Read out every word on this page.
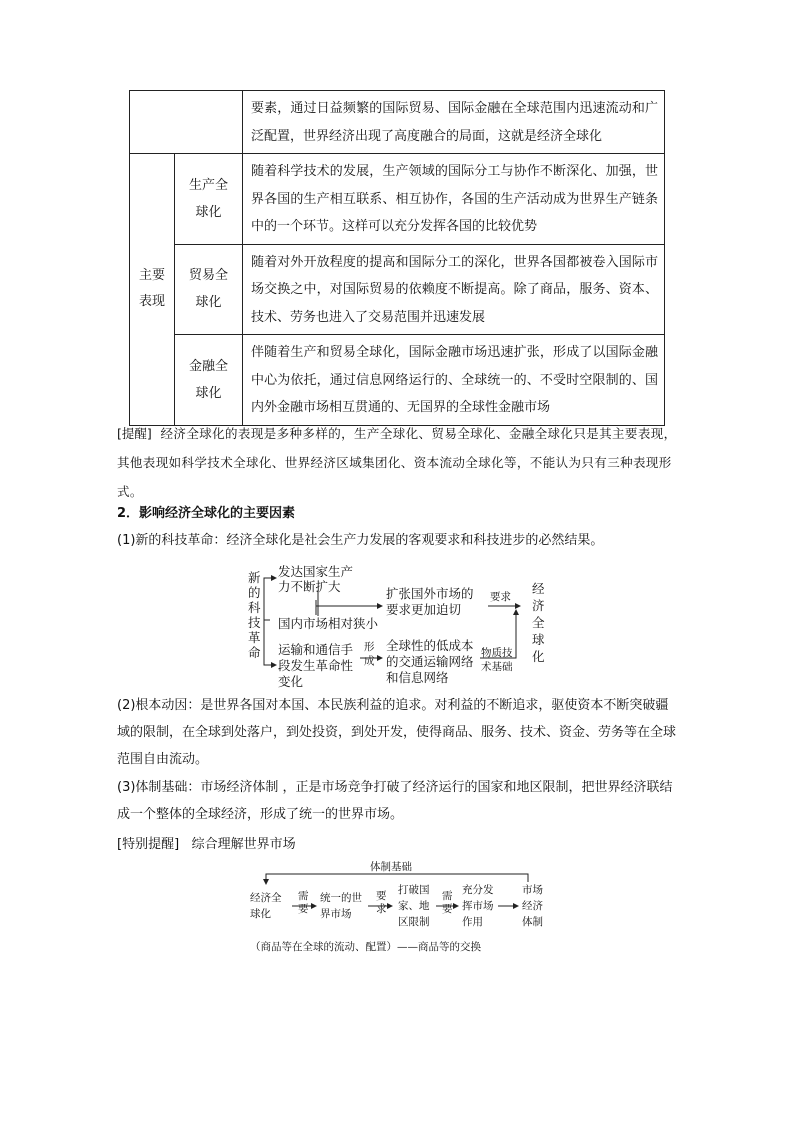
		要素，通过日益频繁的国际贸易、国际金融在全球范围内迅速流动和广泛配置，世界经济出现了高度融合的局面，这就是经济全球化

主要表现	生产全球化	随着科学技术的发展，生产领域的国际分工与协作不断深化、加强，世界各国的生产相互联系、相互协作，各国的生产活动成为世界生产链条中的一个环节。这样可以充分发挥各国的比较优势

	贸易全球化	随着对外开放程度的提高和国际分工的深化，世界各国都被卷入国际市场交换之中，对国际贸易的依赖度不断提高。除了商品，服务、资本、技术、劳务也进入了交易范围并迅速发展

	金融全球化	伴随着生产和贸易全球化，国际金融市场迅速扩张，形成了以国际金融中心为依托，通过信息网络运行的、全球统一的、不受时空限制的、国内外金融市场相互贯通的、无国界的全球性金融市场

[提醒] 经济全球化的表现是多种多样的，生产全球化、贸易全球化、金融全球化只是其主要表现，其他表现如科学技术全球化、世界经济区域集团化、资本流动全球化等，不能认为只有三种表现形式。

2．影响经济全球化的主要因素

(1)新的科技革命：经济全球化是社会生产力发展的客观要求和科技进步的必然结果。

新的科技革命
发达国家生产
力不断扩大
国内市场相对狭小
运输和通信手
段发生革命性
变化
扩张国外市场的
要求更加迫切
形成
全球性的低成本
的交通运输网络
和信息网络
要求
物质技
术基础
经济全球化

(2)根本动因：是世界各国对本国、本民族利益的追求。对利益的不断追求，驱使资本不断突破疆域的限制，在全球到处落户，到处投资，到处开发，使得商品、服务、技术、资金、劳务等在全球范围自由流动。

(3)体制基础：市场经济体制 ，正是市场竞争打破了经济运行的国家和地区限制，把世界经济联结成一个整体的全球经济，形成了统一的世界市场。

[特别提醒] 综合理解世界市场

体制基础
经济全
球化
需要
统一的世
界市场
要求
打破国
家、地
区限制
需要
充分发
挥市场
作用
市场
经济
体制
（商品等在全球的流动、配置）——商品等的交换
